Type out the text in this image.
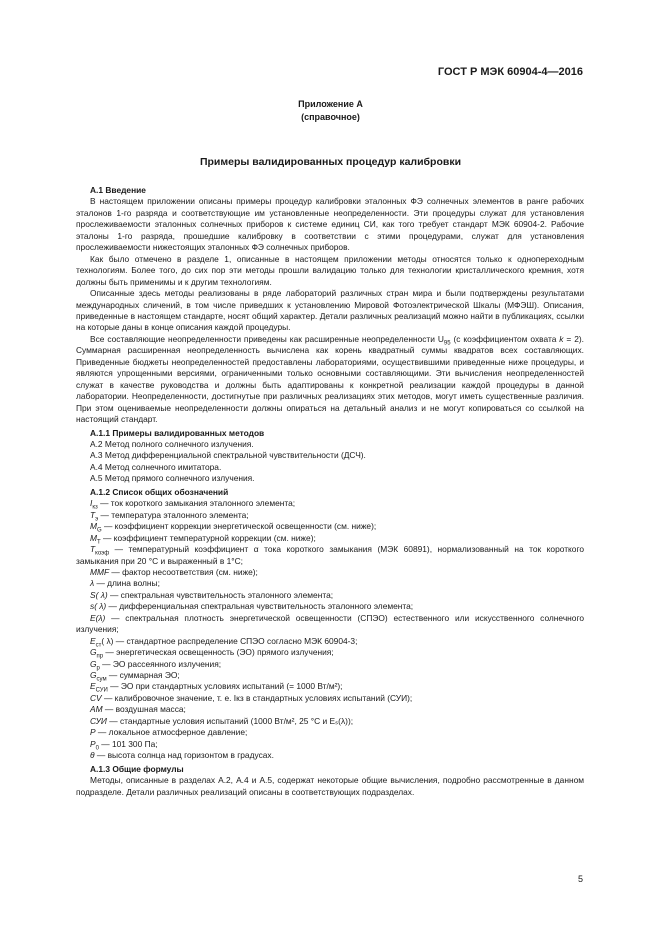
ГОСТ Р МЭК 60904-4—2016
Приложение А
(справочное)
Примеры валидированных процедур калибровки

А.1 Введение

В настоящем приложении описаны примеры процедур калибровки эталонных ФЭ солнечных элементов в ранге рабочих эталонов 1-го разряда и соответствующие им установленные неопределенности. Эти процедуры служат для установления прослеживаемости эталонных солнечных приборов к системе единиц СИ, как того требует стандарт МЭК 60904-2. Рабочие эталоны 1-го разряда, прошедшие калибровку в соответствии с этими процедурами, служат для установления прослеживаемости нижестоящих эталонных ФЭ солнечных приборов.

Как было отмечено в разделе 1, описанные в настоящем приложении методы относятся только к однопереходным технологиям. Более того, до сих пор эти методы прошли валидацию только для технологии кристаллического кремния, хотя должны быть применимы и к другим технологиям.

Описанные здесь методы реализованы в ряде лабораторий различных стран мира и были подтверждены результатами международных сличений, в том числе приведших к установлению Мировой Фотоэлектрической Шкалы (МФЭШ). Описания, приведенные в настоящем стандарте, носят общий характер. Детали различных реализаций можно найти в публикациях, ссылки на которые даны в конце описания каждой процедуры.

Все составляющие неопределенности приведены как расширенные неопределенности $U_{95}$ (с коэффициентом охвата k = 2). Суммарная расширенная неопределенность вычислена как корень квадратный суммы квадратов всех составляющих. Приведенные бюджеты неопределенностей предоставлены лабораториями, осуществившими приведенные ниже процедуры, и являются упрощенными версиями, ограниченными только основными составляющими. Эти вычисления неопределенностей служат в качестве руководства и должны быть адаптированы к конкретной реализации каждой процедуры в данной лаборатории. Неопределенности, достигнутые при различных реализациях этих методов, могут иметь существенные различия. При этом оцениваемые неопределенности должны опираться на детальный анализ и не могут копироваться со ссылкой на настоящий стандарт.

А.1.1 Примеры валидированных методов

А.2 Метод полного солнечного излучения.

А.3 Метод дифференциальной спектральной чувствительности (ДСЧ).

А.4 Метод солнечного имитатора.

А.5 Метод прямого солнечного излучения.

А.1.2 Список общих обозначений

$I_{кз}$ — ток короткого замыкания эталонного элемента;

$T_э$ — температура эталонного элемента;

$M_G$ — коэффициент коррекции энергетической освещенности (см. ниже);

$M_T$ — коэффициент температурной коррекции (см. ниже);

$T_{коэф}$ — температурный коэффициент α тока короткого замыкания (МЭК 60891), нормализованный на ток короткого замыкания при 20 °С и выраженный в 1°С;

MMF — фактор несоответствия (см. ниже);

λ — длина волны;

S( λ) — спектральная чувствительность эталонного элемента;

s( λ) — дифференциальная спектральная чувствительность эталонного элемента;

E(λ) — спектральная плотность энергетической освещенности (СПЭО) естественного или искусственного солнечного излучения;

$E_{ст}$( λ) — стандартное распределение СПЭО согласно МЭК 60904-3;

$G_{пр}$ — энергетическая освещенность (ЭО) прямого излучения;

$G_р$ — ЭО рассеянного излучения;

$G_{сум}$ — суммарная ЭО;

$E_{СУИ}$ — ЭО при стандартных условиях испытаний (= 1000 Вт/м²);

CV — калибровочное значение, т. е. Iкз в стандартных условиях испытаний (СУИ);

AM — воздушная масса;

СУИ — стандартные условия испытаний (1000 Вт/м², 25 °С и Eₛ(λ));

P — локальное атмосферное давление;

$P_0$ — 101 300 Па;

θ — высота солнца над горизонтом в градусах.

А.1.3 Общие формулы

Методы, описанные в разделах А.2, А.4 и А.5, содержат некоторые общие вычисления, подробно рассмотренные в данном подразделе. Детали различных реализаций описаны в соответствующих подразделах.

5
